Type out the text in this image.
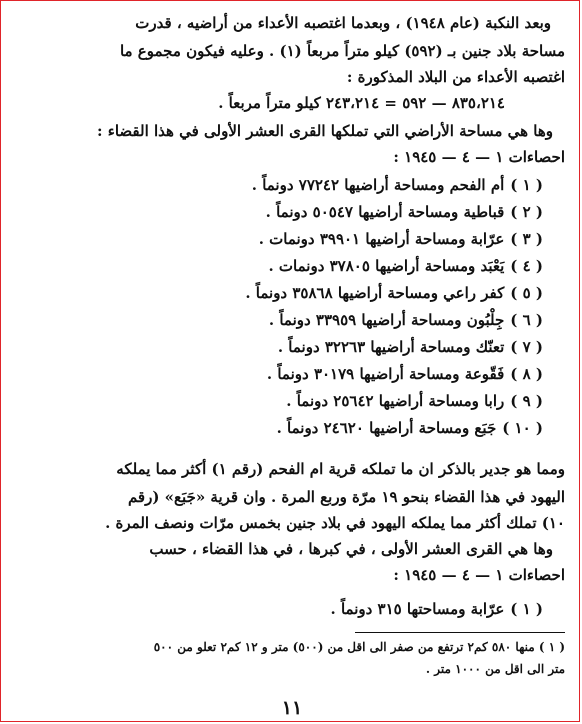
وبعد النكبة (عام ١٩٤٨) ، وبعدما اغتصبه الأعداء من أراضيه ، قدرت
مساحة بلاد جنين بـ (٥٩٢) كيلو متراً مربعاً (١) . وعليه فيكون مجموع ما
اغتصبه الأعداء من البلاد المذكورة :
٨٣٥،٢١٤ — ٥٩٢ = ٢٤٣،٢١٤ كيلو متراً مربعاً .
وها هي مساحة الأراضي التي تملكها القرى العشر الأولى في هذا القضاء :
احصاءات ١ — ٤ — ١٩٤٥ :
( ١ )أم الفحم ومساحة أراضيها ٧٧٢٤٢ دونماً .
( ٢ )قباطية ومساحة أراضيها ٥٠٥٤٧ دونماً .
( ٣ )عرّابة ومساحة أراضيها ٣٩٩٠١ دونمات .
( ٤ )يَعْبَد ومساحة أراضيها ٣٧٨٠٥ دونمات .
( ٥ )كفر راعي ومساحة أراضيها ٣٥٨٦٨ دونماً .
( ٦ )جِلْبُون ومساحة أراضيها ٣٣٩٥٩ دونماً .
( ٧ )تعنّك ومساحة أراضيها ٣٢٢٦٣ دونماً .
( ٨ )فَقّوعة ومساحة أراضيها ٣٠١٧٩ دونماً .
( ٩ )رابا ومساحة أراضيها ٢٥٦٤٢ دونماً .
( ١٠ )جَبَع ومساحة أراضيها ٢٤٦٢٠ دونماً .
ومما هو جدير بالذكر ان ما تملكه قرية ام الفحم (رقم ١) أكثر مما يملكه
اليهود في هذا القضاء بنحو ١٩ مرّة وربع المرة . وان قرية «جَبَع» (رقم
١٠) تملك أكثر مما يملكه اليهود في بلاد جنين بخمس مرّات ونصف المرة .
وها هي القرى العشر الأولى ، في كبرها ، في هذا القضاء ، حسب
احصاءات ١ — ٤ — ١٩٤٥ :
( ١ )عرّابة ومساحتها ٣١٥ دونماً .
( ١ ) منها ٥٨٠ كم٢ ترتفع من صفر الى اقل من (٥٠٠) متر و ١٢ كم٢ تعلو من ٥٠٠
متر الى اقل من ١٠٠٠ متر .
١١
